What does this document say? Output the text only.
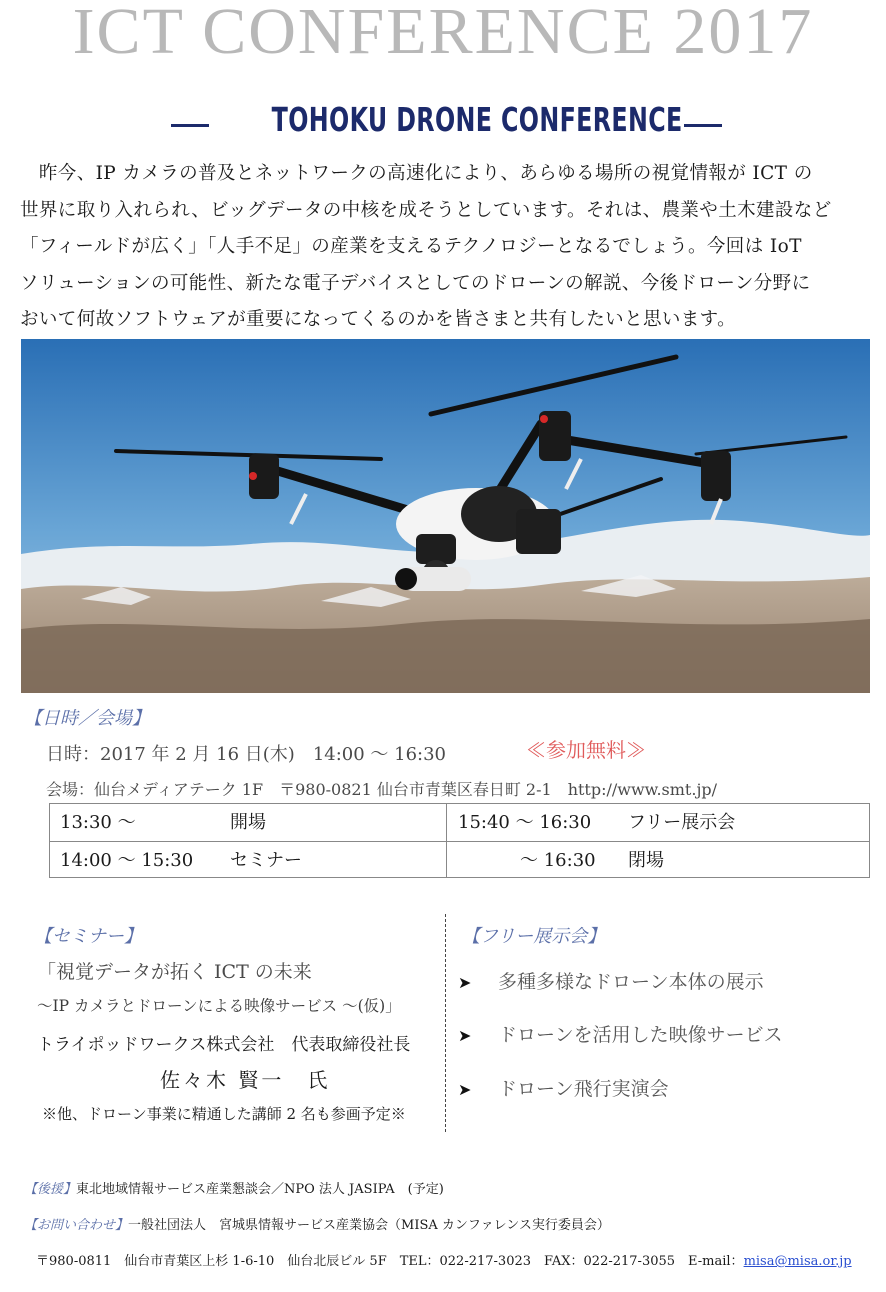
ICT CONFERENCE 2017
TOHOKU DRONE CONFERENCE
　昨今、IP カメラの普及とネットワークの高速化により、あらゆる場所の視覚情報が ICT の
世界に取り入れられ、ビッグデータの中核を成そうとしています。それは、農業や土木建設など
「フィールドが広く」「人手不足」の産業を支えるテクノロジーとなるでしょう。今回は IoT
ソリューションの可能性、新たな電子デバイスとしてのドローンの解説、今後ドローン分野に
おいて何故ソフトウェアが重要になってくるのかを皆さまと共有したいと思います。
【日時／会場】
日時：2017 年 2 月 16 日(木)　14:00 ～ 16:30	≪参加無料≫
会場：仙台メディアテーク 1F　〒980-0821 仙台市青葉区春日町 2-1　http://www.smt.jp/
13:30 ～	開場	15:40 ～ 16:30 フリー展示会
14:00 ～ 15:30 セミナー	～ 16:30 閉場
【セミナー】
「視覚データが拓く ICT の未来
～IP カメラとドローンによる映像サービス ～(仮)」
トライポッドワークス株式会社　代表取締役社長
佐々木 賢一　氏
※他、ドローン事業に精通した講師 2 名も参画予定※
【フリー展示会】
➤ 多種多様なドローン本体の展示
➤ ドローンを活用した映像サービス
➤ ドローン飛行実演会
【後援】東北地域情報サービス産業懇談会／NPO 法人 JASIPA　(予定)
【お問い合わせ】一般社団法人　宮城県情報サービス産業協会（MISA カンファレンス実行委員会）
〒980-0811　仙台市青葉区上杉 1-6-10　仙台北辰ビル 5F　TEL：022-217-3023　FAX：022-217-3055　E-mail：misa@misa.or.jp
